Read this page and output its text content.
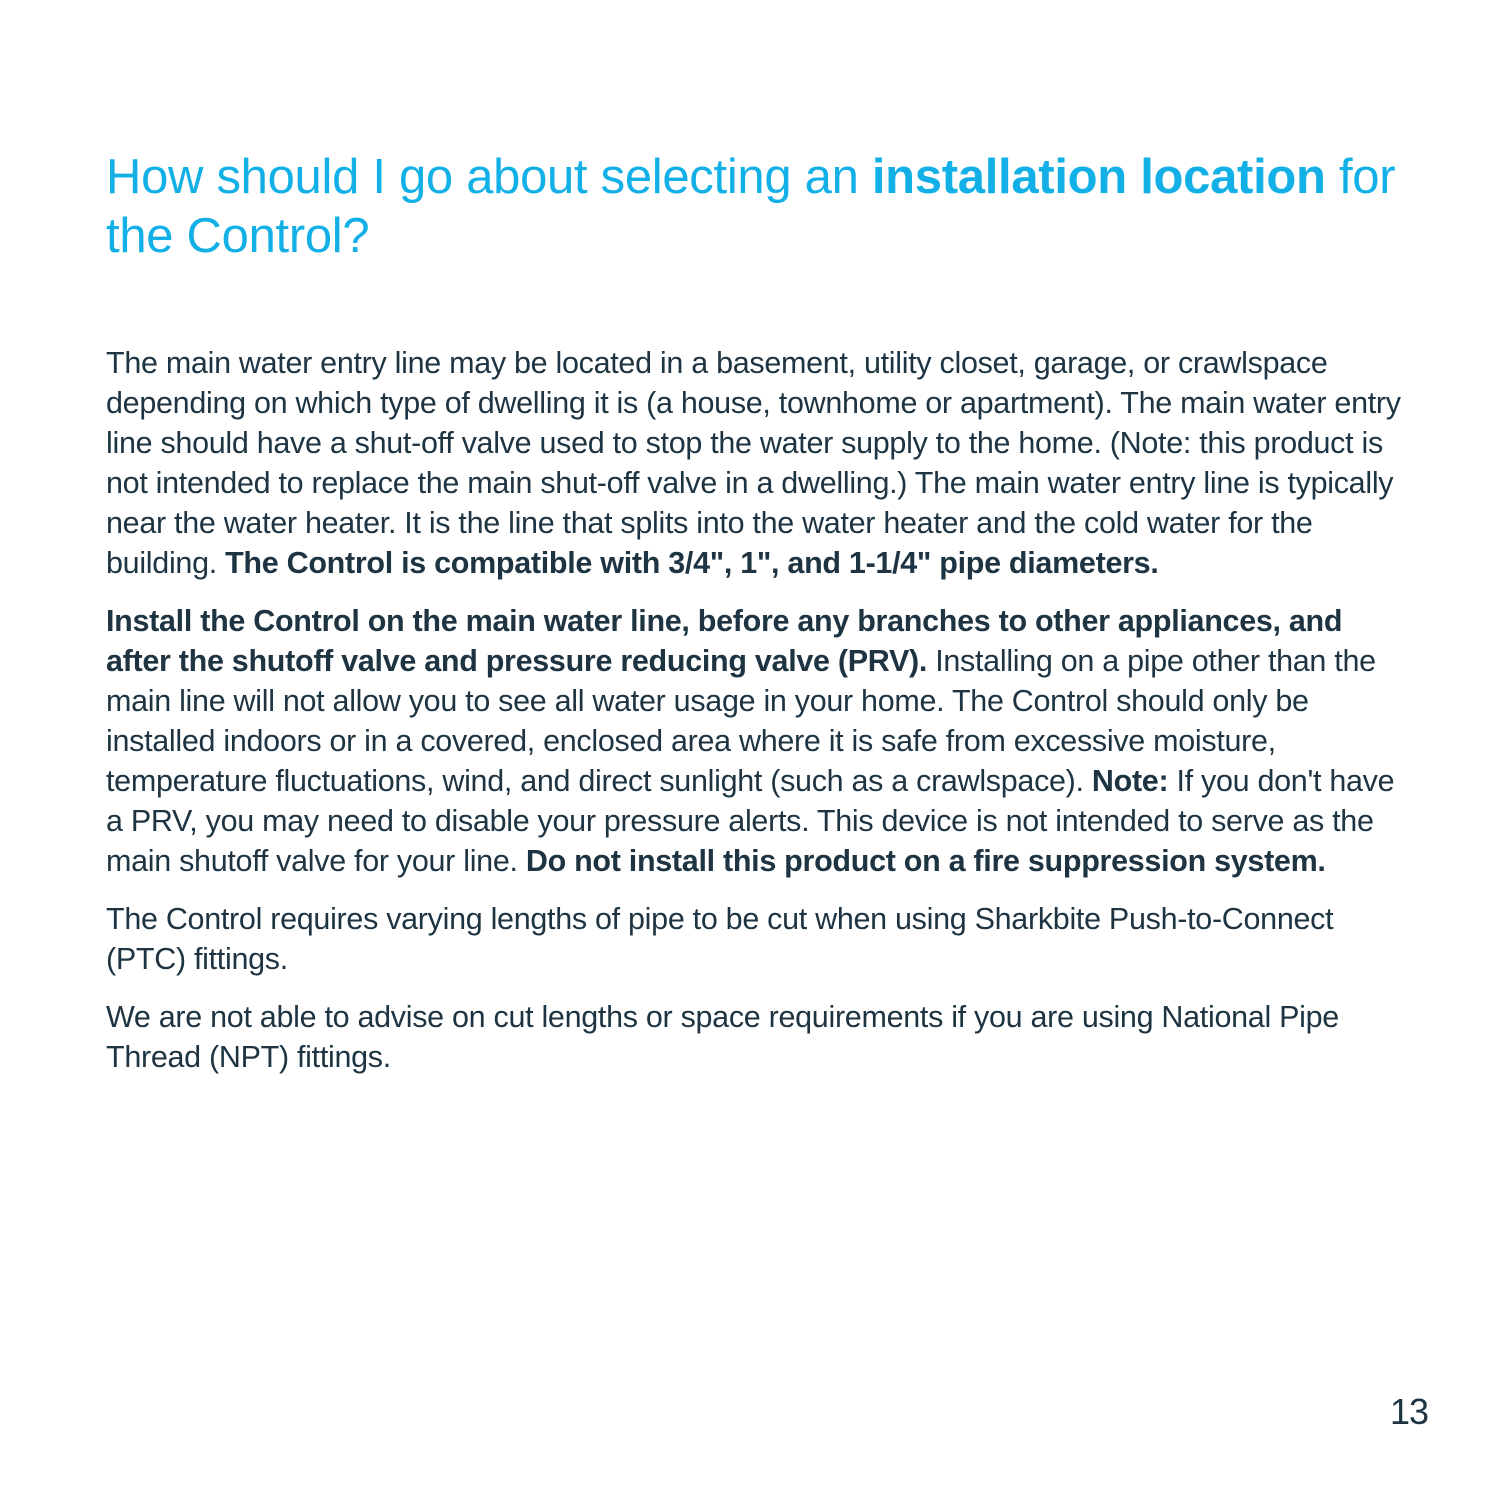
How should I go about selecting an installation location for the Control?

The main water entry line may be located in a basement, utility closet, garage, or crawlspace depending on which type of dwelling it is (a house, townhome or apartment). The main water entry line should have a shut-off valve used to stop the water supply to the home. (Note: this product is not intended to replace the main shut-off valve in a dwelling.) The main water entry line is typically near the water heater. It is the line that splits into the water heater and the cold water for the building. The Control is compatible with 3/4", 1", and 1-1/4" pipe diameters.

Install the Control on the main water line, before any branches to other appliances, and after the shutoff valve and pressure reducing valve (PRV). Installing on a pipe other than the main line will not allow you to see all water usage in your home. The Control should only be installed indoors or in a covered, enclosed area where it is safe from excessive moisture, temperature fluctuations, wind, and direct sunlight (such as a crawlspace). Note: If you don't have a PRV, you may need to disable your pressure alerts. This device is not intended to serve as the main shutoff valve for your line. Do not install this product on a fire suppression system.

The Control requires varying lengths of pipe to be cut when using Sharkbite Push-to-Connect (PTC) fittings.

We are not able to advise on cut lengths or space requirements if you are using National Pipe Thread (NPT) fittings.

13
